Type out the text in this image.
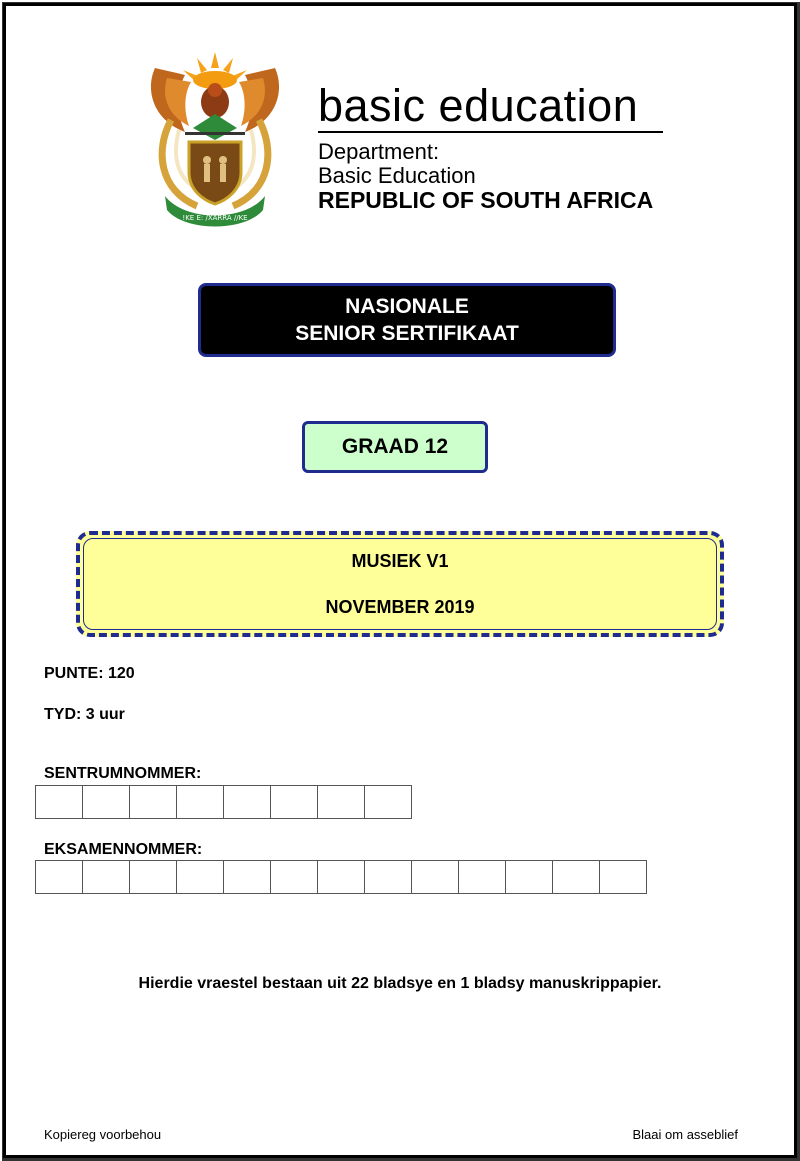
!KE E: /XARRA //KE
basic education
Department:
Basic Education
REPUBLIC OF SOUTH AFRICA
NASIONALE
SENIOR SERTIFIKAAT
GRAAD 12
MUSIEK V1
NOVEMBER 2019
PUNTE: 120
TYD: 3 uur
SENTRUMNOMMER:
EKSAMENNOMMER:
Hierdie vraestel bestaan uit 22 bladsye en 1 bladsy manuskrippapier.
Kopiereg voorbehou	Blaai om asseblief
